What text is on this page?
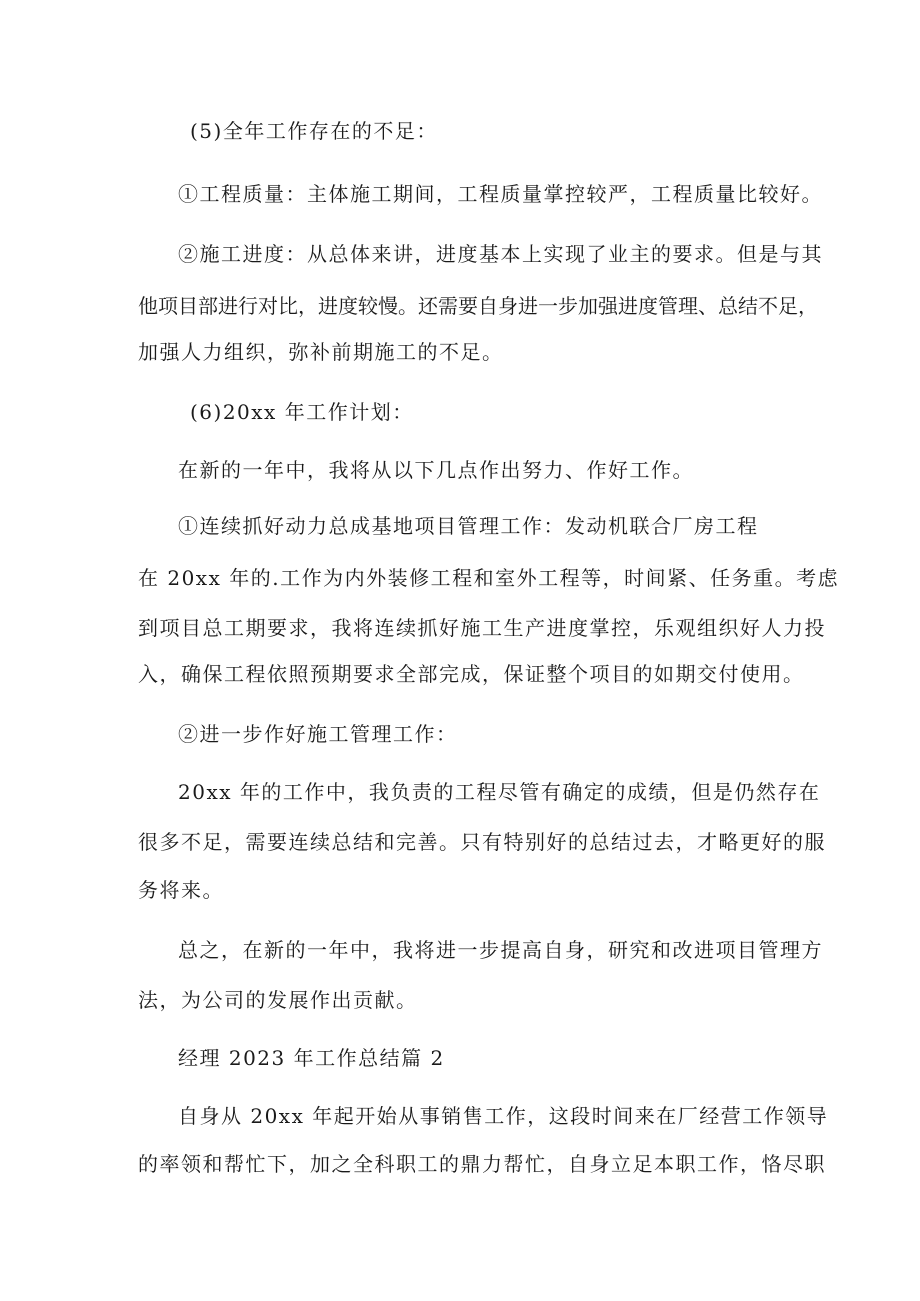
(5)全年工作存在的不足：
①工程质量：主体施工期间，工程质量掌控较严，工程质量比较好。
②施工进度：从总体来讲，进度基本上实现了业主的要求。但是与其
他项目部进行对比，进度较慢。还需要自身进一步加强进度管理、总结不足，
加强人力组织，弥补前期施工的不足。
(6)20xx 年工作计划：
在新的一年中，我将从以下几点作出努力、作好工作。
①连续抓好动力总成基地项目管理工作：发动机联合厂房工程
在 20xx 年的.工作为内外装修工程和室外工程等，时间紧、任务重。考虑
到项目总工期要求，我将连续抓好施工生产进度掌控，乐观组织好人力投
入，确保工程依照预期要求全部完成，保证整个项目的如期交付使用。
②进一步作好施工管理工作：
20xx 年的工作中，我负责的工程尽管有确定的成绩，但是仍然存在
很多不足，需要连续总结和完善。只有特别好的总结过去，才略更好的服
务将来。
总之，在新的一年中，我将进一步提高自身，研究和改进项目管理方
法，为公司的发展作出贡献。
经理 2023 年工作总结篇 2
自身从 20xx 年起开始从事销售工作，这段时间来在厂经营工作领导
的率领和帮忙下，加之全科职工的鼎力帮忙，自身立足本职工作，恪尽职
